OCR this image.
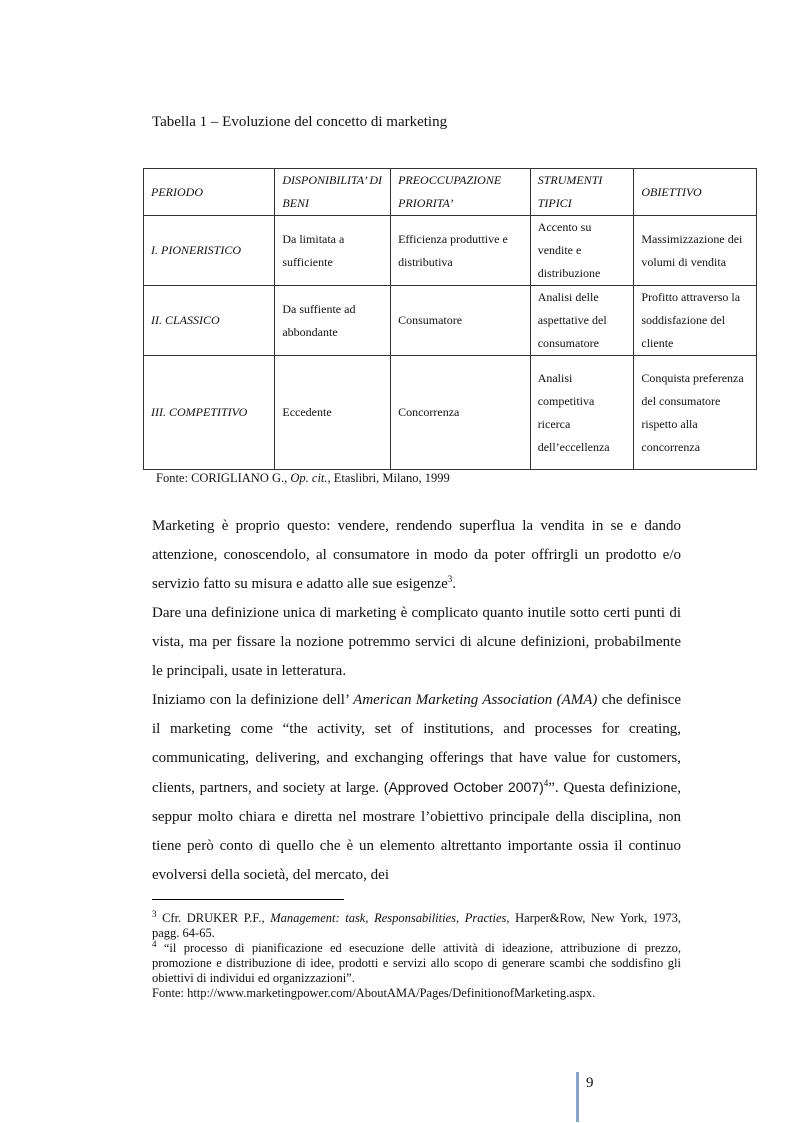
Tabella 1 – Evoluzione del concetto di marketing
PERIODO	DISPONIBILITA’ DI BENI	PREOCCUPAZIONE PRIORITA’	STRUMENTI TIPICI	OBIETTIVO
I. PIONERISTICO	Da limitata a sufficiente	Efficienza produttive e distributiva	Accento su vendite e distribuzione	Massimizzazione dei volumi di vendita
II. CLASSICO	Da suffiente ad abbondante	Consumatore	Analisi delle aspettative del consumatore	Profitto attraverso la soddisfazione del cliente
III. COMPETITIVO	Eccedente	Concorrenza	Analisi competitiva ricerca dell’eccellenza	Conquista preferenza del consumatore rispetto alla concorrenza
Fonte: CORIGLIANO G., Op. cit., Etaslibri, Milano, 1999

Marketing è proprio questo: vendere, rendendo superflua la vendita in se e dando attenzione, conoscendolo, al consumatore in modo da poter offrirgli un prodotto e/o servizio fatto su misura e adatto alle sue esigenze$^3$.

Dare una definizione unica di marketing è complicato quanto inutile sotto certi punti di vista, ma per fissare la nozione potremmo servici di alcune definizioni, probabilmente le principali, usate in letteratura.

Iniziamo con la definizione dell’ American Marketing Association (AMA) che definisce il marketing come “the activity, set of institutions, and processes for creating, communicating, delivering, and exchanging offerings that have value for customers, clients, partners, and society at large. (Approved October 2007)$^4$”. Questa definizione, seppur molto chiara e diretta nel mostrare l’obiettivo principale della disciplina, non tiene però conto di quello che è un elemento altrettanto importante ossia il continuo evolversi della società, del mercato, dei

$^3$ Cfr. DRUKER P.F., Management: task, Responsabilities, Practies, Harper&Row, New York, 1973, pagg. 64-65.

$^4$ “il processo di pianificazione ed esecuzione delle attività di ideazione, attribuzione di prezzo, promozione e distribuzione di idee, prodotti e servizi allo scopo di generare scambi che soddisfino gli obiettivi di individui ed organizzazioni”.

Fonte: http://www.marketingpower.com/AboutAMA/Pages/DefinitionofMarketing.aspx.

9
